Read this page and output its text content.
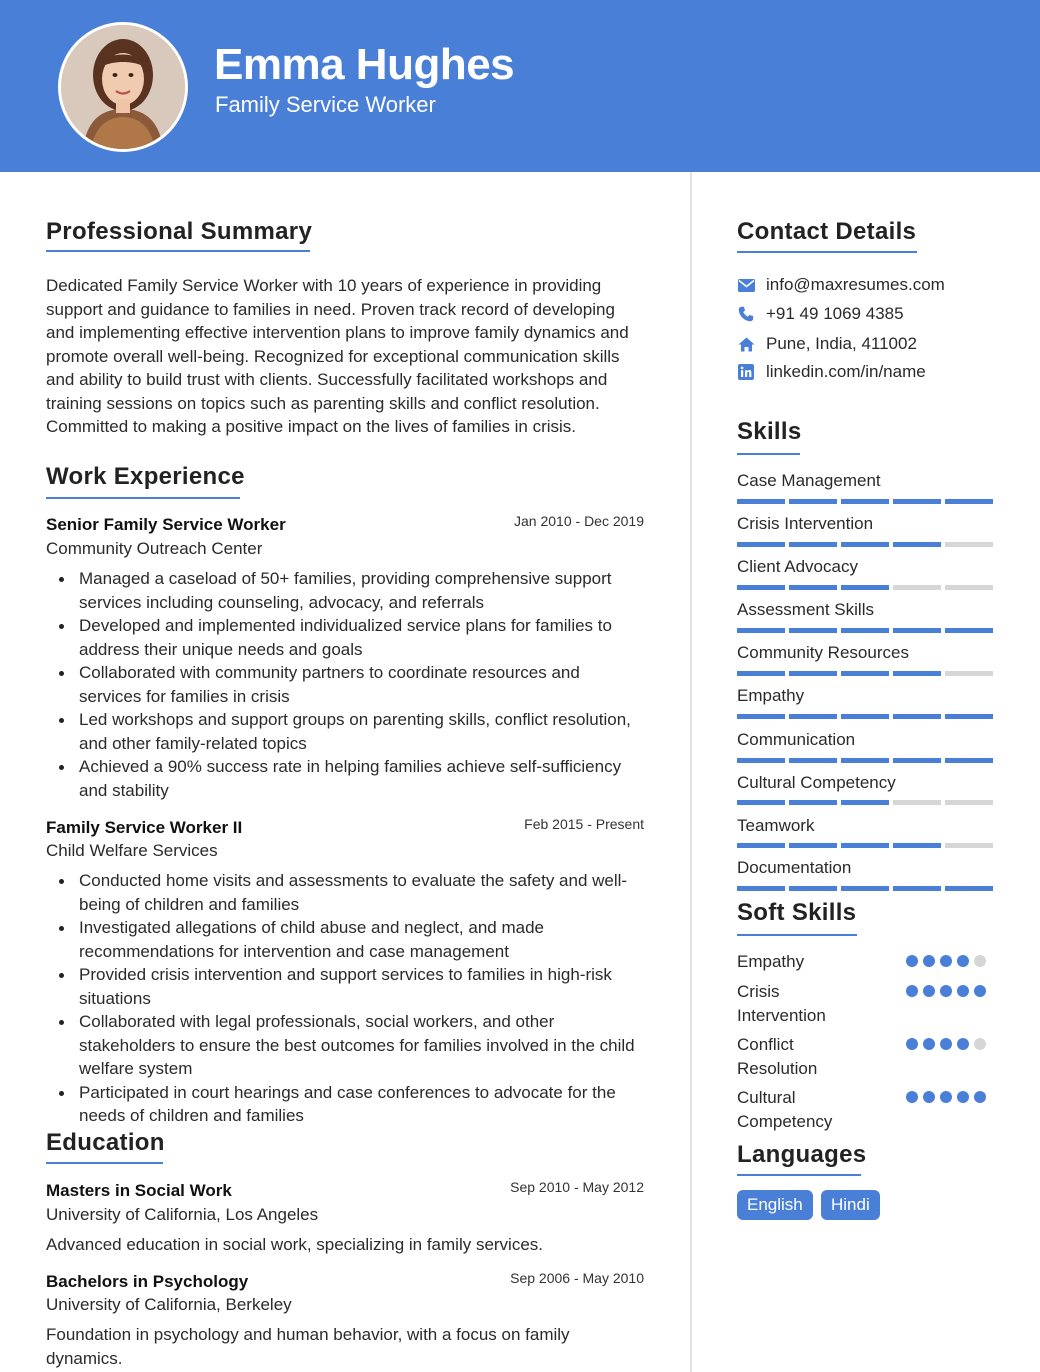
Emma Hughes
Family Service Worker
Professional Summary
Dedicated Family Service Worker with 10 years of experience in providing support and guidance to families in need. Proven track record of developing and implementing effective intervention plans to improve family dynamics and promote overall well-being. Recognized for exceptional communication skills and ability to build trust with clients. Successfully facilitated workshops and training sessions on topics such as parenting skills and conflict resolution. Committed to making a positive impact on the lives of families in crisis.
Work Experience
Senior Family Service Worker	Jan 2010 - Dec 2019
Community Outreach Center
Managed a caseload of 50+ families, providing comprehensive support services including counseling, advocacy, and referrals
Developed and implemented individualized service plans for families to address their unique needs and goals
Collaborated with community partners to coordinate resources and services for families in crisis
Led workshops and support groups on parenting skills, conflict resolution, and other family-related topics
Achieved a 90% success rate in helping families achieve self-sufficiency and stability
Family Service Worker II	Feb 2015 - Present
Child Welfare Services
Conducted home visits and assessments to evaluate the safety and well-being of children and families
Investigated allegations of child abuse and neglect, and made recommendations for intervention and case management
Provided crisis intervention and support services to families in high-risk situations
Collaborated with legal professionals, social workers, and other stakeholders to ensure the best outcomes for families involved in the child welfare system
Participated in court hearings and case conferences to advocate for the needs of children and families
Education
Masters in Social Work	Sep 2010 - May 2012
University of California, Los Angeles
Advanced education in social work, specializing in family services.
Bachelors in Psychology	Sep 2006 - May 2010
University of California, Berkeley
Foundation in psychology and human behavior, with a focus on family dynamics.
Contact Details
info@maxresumes.com
+91 49 1069 4385
Pune, India, 411002
linkedin.com/in/name
Skills
Case Management
Crisis Intervention
Client Advocacy
Assessment Skills
Community Resources
Empathy
Communication
Cultural Competency
Teamwork
Documentation
Soft Skills
Empathy
Crisis Intervention
Conflict Resolution
Cultural Competency
Languages
English	Hindi
